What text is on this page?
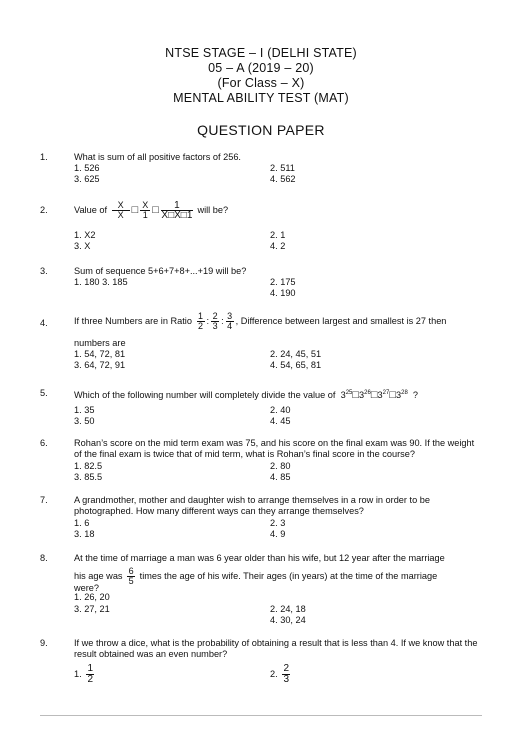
NTSE STAGE – I (DELHI STATE)
05 – A (2019 – 20)
(For Class – X)
MENTAL ABILITY TEST (MAT)
QUESTION PAPER
1.	What is sum of all positive factors of 256.
1. 526	2. 511
3. 625	4. 562
2.	Value of $\frac{X}{X}$ □ $\frac{X}{1}$ □ $\frac{1}{X□X□1}$ will be?
1. X2	2. 1
3. X	4. 2
3.	Sum of sequence 5+6+7+8+...+19 will be?
1. 180 3. 185	2. 175
4. 190
4.	If three Numbers are in Ratio $\frac{1}{2}$ : $\frac{2}{3}$ : $\frac{3}{4}$ , Difference between largest and smallest is 27 then
numbers are
1. 54, 72, 81	2. 24, 45, 51
3. 64, 72, 91	4. 54, 65, 81
5.	Which of the following number will completely divide the value of $3^{25}□3^{26}□3^{27}□3^{28}$ ?
1. 35	2. 40
3. 50	4. 45
6.	Rohan’s score on the mid term exam was 75, and his score on the final exam was 90. If the weight of the final exam is twice that of mid term, what is Rohan’s final score in the course?
1. 82.5	2. 80
3. 85.5	4. 85
7.	A grandmother, mother and daughter wish to arrange themselves in a row in order to be photographed. How many different ways can they arrange themselves?
1. 6	2. 3
3. 18	4. 9
8.	At the time of marriage a man was 6 year older than his wife, but 12 year after the marriage
his age was $\frac{6}{5}$ times the age of his wife. Their ages (in years) at the time of the marriage
were?
1. 26, 20
3. 27, 21	2. 24, 18
4. 30, 24
9.	If we throw a dice, what is the probability of obtaining a result that is less than 4. If we know that the result obtained was an even number?
1. $\frac{1}{2}$	2. $\frac{2}{3}$
